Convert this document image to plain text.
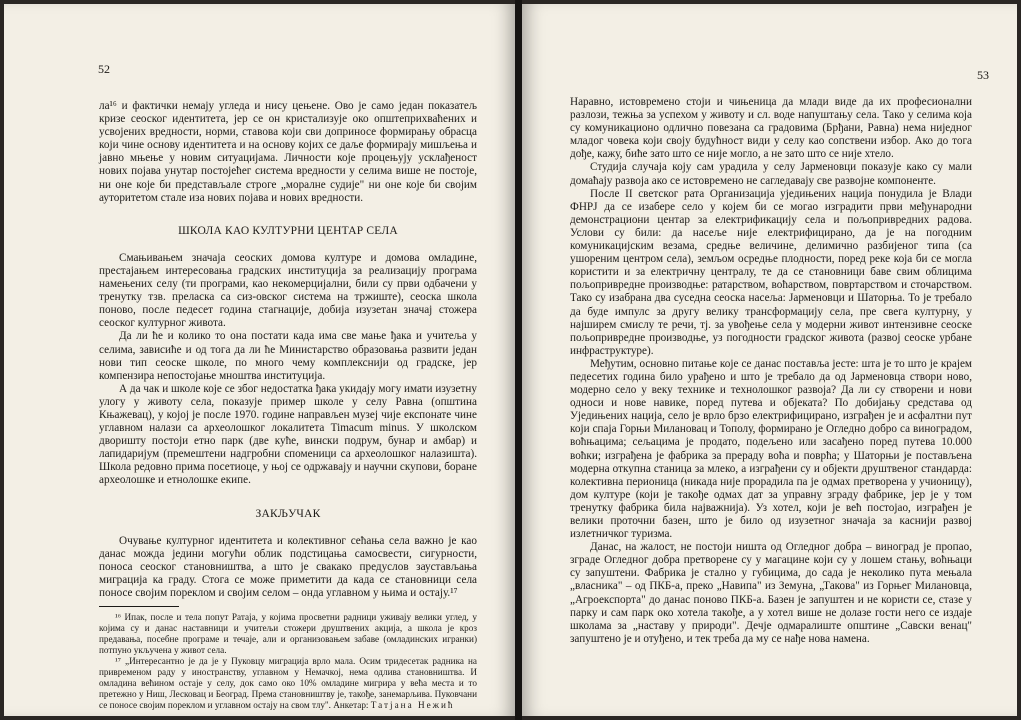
52

ла¹⁶ и фактички немају угледа и нису цењене. Ово је само један показатељ кризе сеоског идентитета, јер се он кристализује око општеприхваћених и усвојених вредности, норми, ставова који сви доприносе формирању обрасца који чине основу идентитета и на основу којих се даље формирају мишљења и јавно мњење у новим ситуацијама. Личности које процењују усклађеност нових појава унутар постојећег система вредности у селима више не постоје, ни оне које би представљале строге „моралне судије" ни оне које би својим ауторитетом стале иза нових појава и нових вредности.

ШКОЛА КАО КУЛТУРНИ ЦЕНТАР СЕЛА

Смањивањем значаја сеоских домова културе и домова омладине, престајањем интересовања градских институција за реализацију програма намењених селу (ти програми, као некомерцијални, били су први одбачени у тренутку тзв. преласка са сиз-овског система на тржиште), сеоска школа поново, после педесет година стагнације, добија изузетан значај стожера сеоског културног живота.

Да ли ће и колико то она постати када има све мање ђака и учитеља у селима, зависиће и од тога да ли ће Министарство образовања развити један нови тип сеоске школе, по много чему комплекснији од градске, јер компензира непостојање мноштва институција.

А да чак и школе које се због недостатка ђака укидају могу имати изузетну улогу у животу села, показује пример школе у селу Равна (општина Књажевац), у којој је после 1970. године направљен музеј чије експонате чине углавном налази са археолошког локалитета Timacum minus. У школском дворишту постоји етно парк (две куће, вински подрум, бунар и амбар) и лапидаријум (премештени надгробни споменици са археолошког налазишта). Школа редовно прима посетиоце, у њој се одржавају и научни скупови, боране археолошке и етнолошке екипе.

ЗАКЉУЧАК

Очување културног идентитета и колективног сећања села важно је као данас можда једини могући облик подстицања самосвести, сигурности, поноса сеоског становништва, а што је свакако предуслов заустављања миграција ка граду. Стога се може приметити да када се становници села поносе својим пореклом и својим селом – онда углавном у њима и остају.¹⁷

¹⁶ Ипак, после и тела попут Ратаја, у којима просветни радници уживају велики углед, у којима су и данас наставници и учитељи стожери друштвених акција, а школа је кроз предавања, посебне програме и течаје, али и организовањем забаве (омладинских игранки) потпуно укључена у живот села.

¹⁷ „Интересантно је да је у Пуковцу миграција врло мала. Осим тридесетак радника на привременом раду у иностранству, углавном у Немачкој, нема одлива становништва. И омладина већином остаје у селу, док само око 10% омладине мигрира у већа места и то претежно у Ниш, Лесковац и Београд. Према становништву је, такође, занемарљива. Пуковчани се поносе својим пореклом и углавном остају на свом тлу". Анкетар: Татјана Нежић

53

Наравно, истовремено стоји и чињеница да млади виде да их професионални разлози, тежња за успехом у животу и сл. воде напуштању села. Тако у селима која су комуникационо одлично повезана са градовима (Брђани, Равна) нема ниједног младог човека који своју будућност види у селу као сопствени избор. Ако до тога дође, кажу, биће зато што се није могло, а не зато што се није хтело.

Студија случаја коју сам урадила у селу Јарменовци показује како су мали домаћају развоја ако се истовремено не сагледавају све развојне компоненте.

После II светског рата Организација уједињених нација понудила је Влади ФНРЈ да се изабере село у којем би се могао изградити први међународни демонстрациони центар за електрификацију села и пољопривредних радова. Услови су били: да насеље није електрифицирано, да је на погодним комуникацијским везама, средње величине, делимично разбијеног типа (са ушореним центром села), земљом осредње плодности, поред реке која би се могла користити и за електричну централу, те да се становници баве свим облицима пољопривредне производње: ратарством, воћарством, повртарством и сточарством. Тако су изабрана два суседна сеоска насеља: Јарменовци и Шаторња. То је требало да буде импулс за другу велику трансформацију села, пре свега културну, у најширем смислу те речи, тј. за увођење села у модерни живот интензивне сеоске пољопривредне производње, уз погодности градског живота (развој сеоске урбане инфраструктуре).

Међутим, основно питање које се данас поставља јесте: шта је то што је крајем педесетих година било урађено и што је требало да од Јарменовца створи ново, модерно село у веку технике и технолошког развоја? Да ли су створени и нови односи и нове навике, поред путева и објеката? По добијању средстава од Уједињених нација, село је врло брзо електрифицирано, изграђен је и асфалтни пут који спаја Горњи Милановац и Тополу, формирано је Огледно добро са виноградом, воћњацима; сељацима је продато, подељено или засађено поред путева 10.000 воћки; изграђена је фабрика за прераду воћа и поврћа; у Шаторњи је постављена модерна откупна станица за млеко, а изграђени су и објекти друштвеног стандарда: колективна перионица (никада није прорадила па је одмах претворена у учионицу), дом културе (који је такође одмах дат за управну зграду фабрике, јер је у том тренутку фабрика била најважнија). Уз хотел, који је већ постојао, изграђен је велики проточни базен, што је било од изузетног значаја за каснији развој излетничког туризма.

Данас, на жалост, не постоји ништа од Огледног добра – виноград је пропао, зграде Огледног добра претворене су у магацине који су у лошем стању, воћњаци су запуштени. Фабрика је стално у губицима, до сада је неколико пута мењала „власника" – од ПКБ-а, преко „Навипа" из Земуна, „Такова" из Горњег Милановца, „Агроекспорта" до данас поново ПКБ-а. Базен је запуштен и не користи се, стазе у парку и сам парк око хотела такође, а у хотел више не долазе гости него се издаје школама за „наставу у природи". Дечје одмаралиште општине „Савски венац" запуштено је и отуђено, и тек треба да му се нађе нова намена.
